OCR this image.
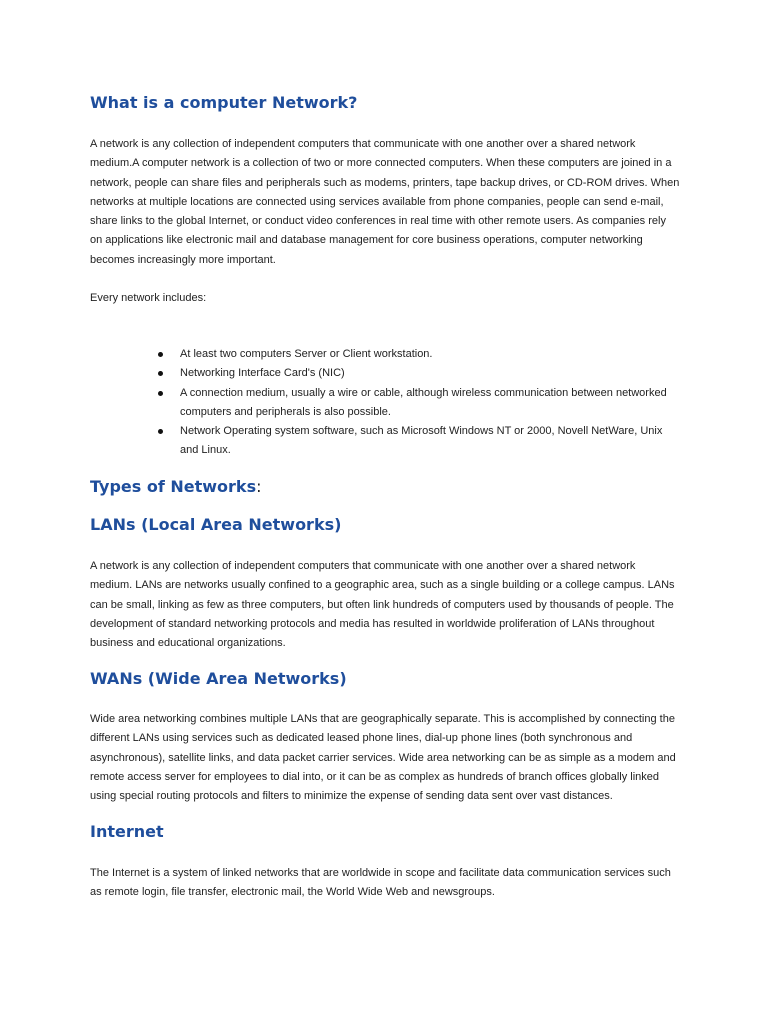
What is a computer Network?

A network is any collection of independent computers that communicate with one another over a shared network medium.A computer network is a collection of two or more connected computers. When these computers are joined in a network, people can share files and peripherals such as modems, printers, tape backup drives, or CD-ROM drives. When networks at multiple locations are connected using services available from phone companies, people can send e-mail, share links to the global Internet, or conduct video conferences in real time with other remote users. As companies rely on applications like electronic mail and database management for core business operations, computer networking becomes increasingly more important.

Every network includes:

At least two computers Server or Client workstation.
Networking Interface Card's (NIC)
A connection medium, usually a wire or cable, although wireless communication between networked computers and peripherals is also possible.
Network Operating system software, such as Microsoft Windows NT or 2000, Novell NetWare, Unix and Linux.
Types of Networks:
LANs (Local Area Networks)

A network is any collection of independent computers that communicate with one another over a shared network medium. LANs are networks usually confined to a geographic area, such as a single building or a college campus. LANs can be small, linking as few as three computers, but often link hundreds of computers used by thousands of people. The development of standard networking protocols and media has resulted in worldwide proliferation of LANs throughout business and educational organizations.

WANs (Wide Area Networks)

Wide area networking combines multiple LANs that are geographically separate. This is accomplished by connecting the different LANs using services such as dedicated leased phone lines, dial-up phone lines (both synchronous and asynchronous), satellite links, and data packet carrier services. Wide area networking can be as simple as a modem and remote access server for employees to dial into, or it can be as complex as hundreds of branch offices globally linked using special routing protocols and filters to minimize the expense of sending data sent over vast distances.

Internet

The Internet is a system of linked networks that are worldwide in scope and facilitate data communication services such as remote login, file transfer, electronic mail, the World Wide Web and newsgroups.
